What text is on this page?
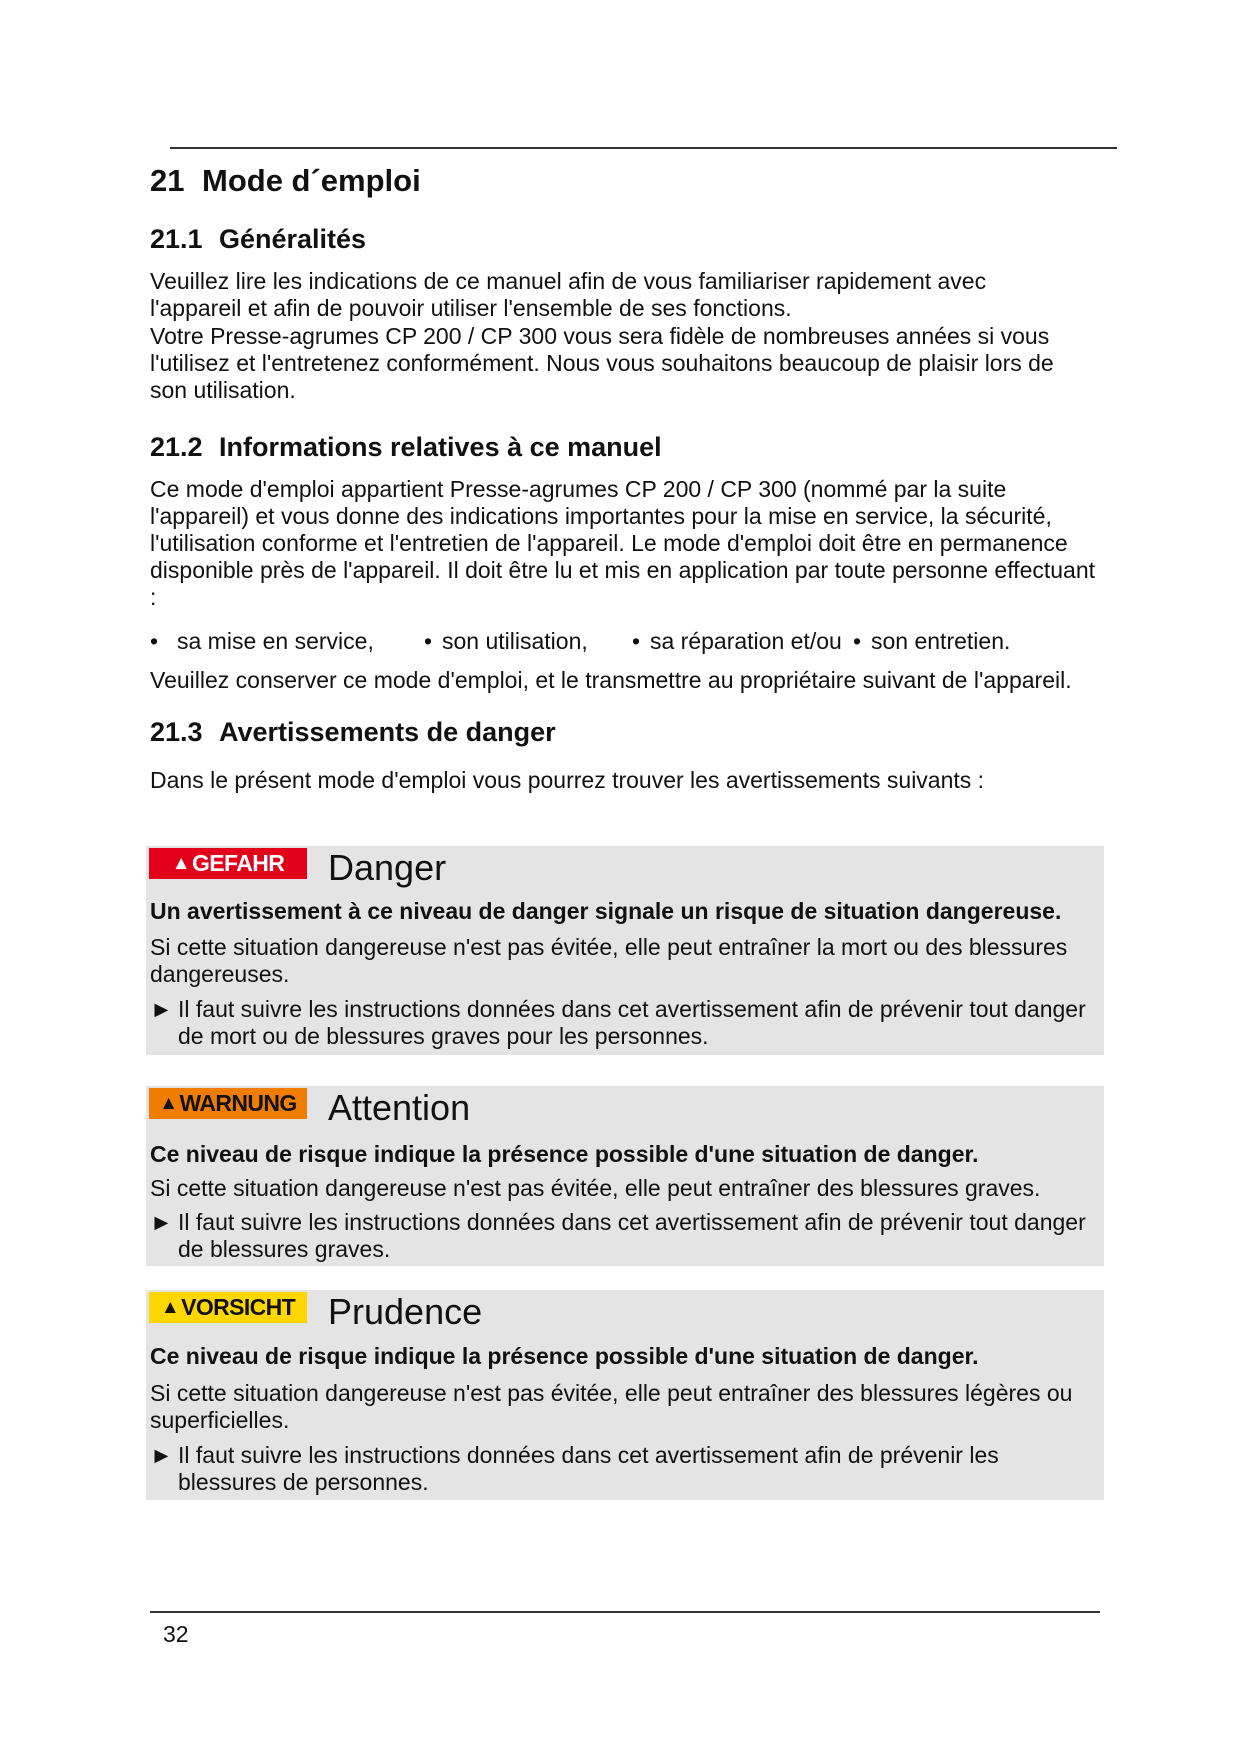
21 Mode d´emploi
21.1 Généralités

Veuillez lire les indications de ce manuel afin de vous familiariser rapidement avec l'appareil et afin de pouvoir utiliser l'ensemble de ses fonctions.

Votre Presse-agrumes CP 200 / CP 300 vous sera fidèle de nombreuses années si vous l'utilisez et l'entretenez conformément. Nous vous souhaitons beaucoup de plaisir lors de son utilisation.

21.2 Informations relatives à ce manuel

Ce mode d'emploi appartient Presse-agrumes CP 200 / CP 300 (nommé par la suite l'appareil) et vous donne des indications importantes pour la mise en service, la sécurité, l'utilisation conforme et l'entretien de l'appareil. Le mode d'emploi doit être en permanence disponible près de l'appareil. Il doit être lu et mis en application par toute personne effectuant :

• sa mise en service, • son utilisation, • sa réparation et/ou • son entretien.

Veuillez conserver ce mode d'emploi, et le transmettre au propriétaire suivant de l'appareil.

21.3 Avertissements de danger

Dans le présent mode d'emploi vous pourrez trouver les avertissements suivants :

▲ GEFAHR Danger
Un avertissement à ce niveau de danger signale un risque de situation dangereuse.
Si cette situation dangereuse n'est pas évitée, elle peut entraîner la mort ou des blessures dangereuses.
► Il faut suivre les instructions données dans cet avertissement afin de prévenir tout danger de mort ou de blessures graves pour les personnes.
▲ WARNUNG Attention
Ce niveau de risque indique la présence possible d'une situation de danger.
Si cette situation dangereuse n'est pas évitée, elle peut entraîner des blessures graves.
► Il faut suivre les instructions données dans cet avertissement afin de prévenir tout danger de blessures graves.
▲ VORSICHT Prudence
Ce niveau de risque indique la présence possible d'une situation de danger.
Si cette situation dangereuse n'est pas évitée, elle peut entraîner des blessures légères ou superficielles.
► Il faut suivre les instructions données dans cet avertissement afin de prévenir les blessures de personnes.
32
